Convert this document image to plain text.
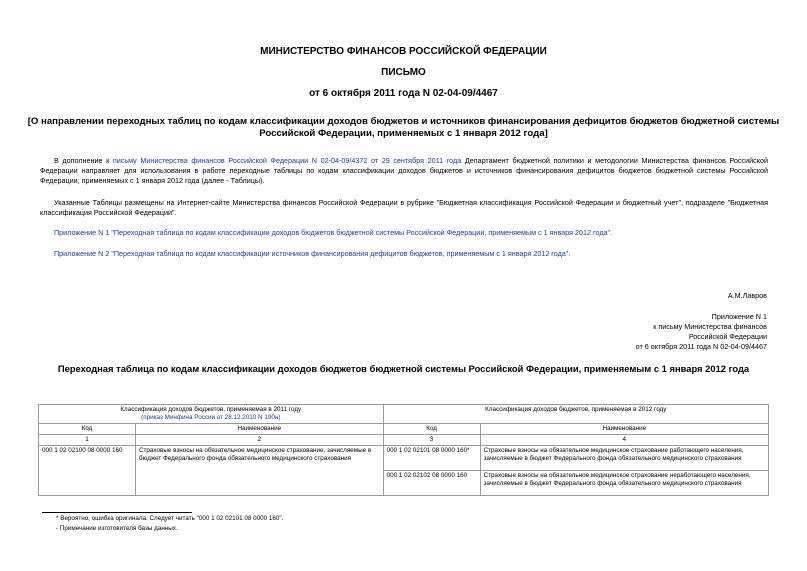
МИНИСТЕРСТВО ФИНАНСОВ РОССИЙСКОЙ ФЕДЕРАЦИИ
ПИСЬМО
от 6 октября 2011 года N 02-04-09/4467
[О направлении переходных таблиц по кодам классификации доходов бюджетов и источников финансирования дефицитов бюджетов бюджетной системы
Российской Федерации, применяемых с 1 января 2012 года]
В дополнение к письму Министерства финансов Российской Федерации N 02-04-09/4372 от 29 сентября 2011 года Департамент бюджетной политики и методологии Министерства финансов Российской Федерации направляет для использования в работе переходные таблицы по кодам классификации доходов бюджетов и источников финансирования дефицитов бюджетов бюджетной системы Российской Федерации, применяемых с 1 января 2012 года (далее - Таблицы).
Указанные Таблицы размещены на Интернет-сайте Министерства финансов Российской Федерации в рубрике "Бюджетная классификация Российской Федерации и бюджетный учет", подразделе "Бюджетная классификация Российской Федерации".
Приложение N 1 "Переходная таблица по кодам классификации доходов бюджетов бюджетной системы Российской Федерации, применяемым с 1 января 2012 года".
Приложение N 2 "Переходная таблица по кодам классификации источников финансирования дефицитов бюджетов, применяемым с 1 января 2012 года".
А.М.Лавров
Приложение N 1
к письму Министерства финансов
Российской Федерации
от 6 октября 2011 года N 02-04-09/4467
Переходная таблица по кодам классификации доходов бюджетов бюджетной системы Российской Федерации, применяемым с 1 января 2012 года
Классификация доходов бюджетов, применяемая в 2011 году
(приказ Минфина России от 28.12.2010 N 190н)		Классификация доходов бюджетов, применяемая в 2012 году	
Код	Наименование	Код	Наименование
1	2	3	4
000 1 02 02100 08 0000 160	Страховые взносы на обязательное медицинское страхование, зачисляемые в бюджет Федерального фонда обязательного медицинского страхования	000 1 02 02101 08 0000 160*	Страховые взносы на обязательное медицинское страхование работающего населения, зачисляемые в бюджет Федерального фонда обязательного медицинского страхования
		000 1 02 02102 08 0000 160	Страховые взносы на обязательное медицинское страхование неработающего населения, зачисляемые в бюджет Федерального фонда обязательного медицинского страхования
* Вероятно, ошибка оригинала. Следует читать "000 1 02 02101 08 0000 160".
- Примечание изготовителя базы данных.
